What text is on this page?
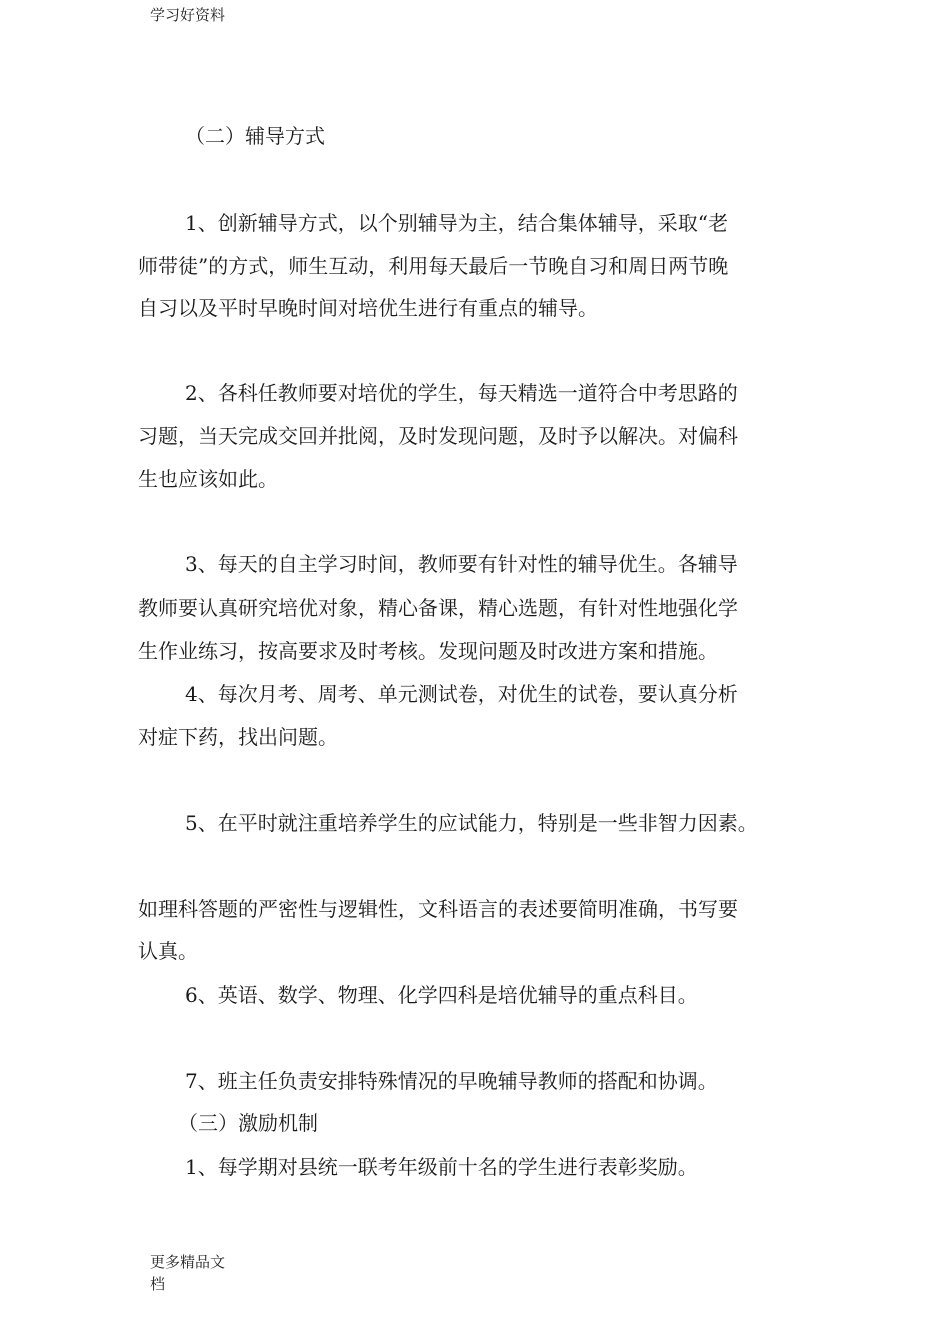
学习好资料

（二）辅导方式

1、创新辅导方式，以个别辅导为主，结合集体辅导，采取“老

师带徒”的方式，师生互动，利用每天最后一节晚自习和周日两节晚

自习以及平时早晚时间对培优生进行有重点的辅导。

2、各科任教师要对培优的学生，每天精选一道符合中考思路的

习题，当天完成交回并批阅，及时发现问题，及时予以解决。对偏科

生也应该如此。

3、每天的自主学习时间，教师要有针对性的辅导优生。各辅导

教师要认真研究培优对象，精心备课，精心选题，有针对性地强化学

生作业练习，按高要求及时考核。发现问题及时改进方案和措施。

4、每次月考、周考、单元测试卷，对优生的试卷，要认真分析

对症下药，找出问题。

5、在平时就注重培养学生的应试能力，特别是一些非智力因素。

如理科答题的严密性与逻辑性，文科语言的表述要简明准确，书写要

认真。

6、英语、数学、物理、化学四科是培优辅导的重点科目。

7、班主任负责安排特殊情况的早晚辅导教师的搭配和协调。

（三）激励机制

1、每学期对县统一联考年级前十名的学生进行表彰奖励。

更多精品文
档
